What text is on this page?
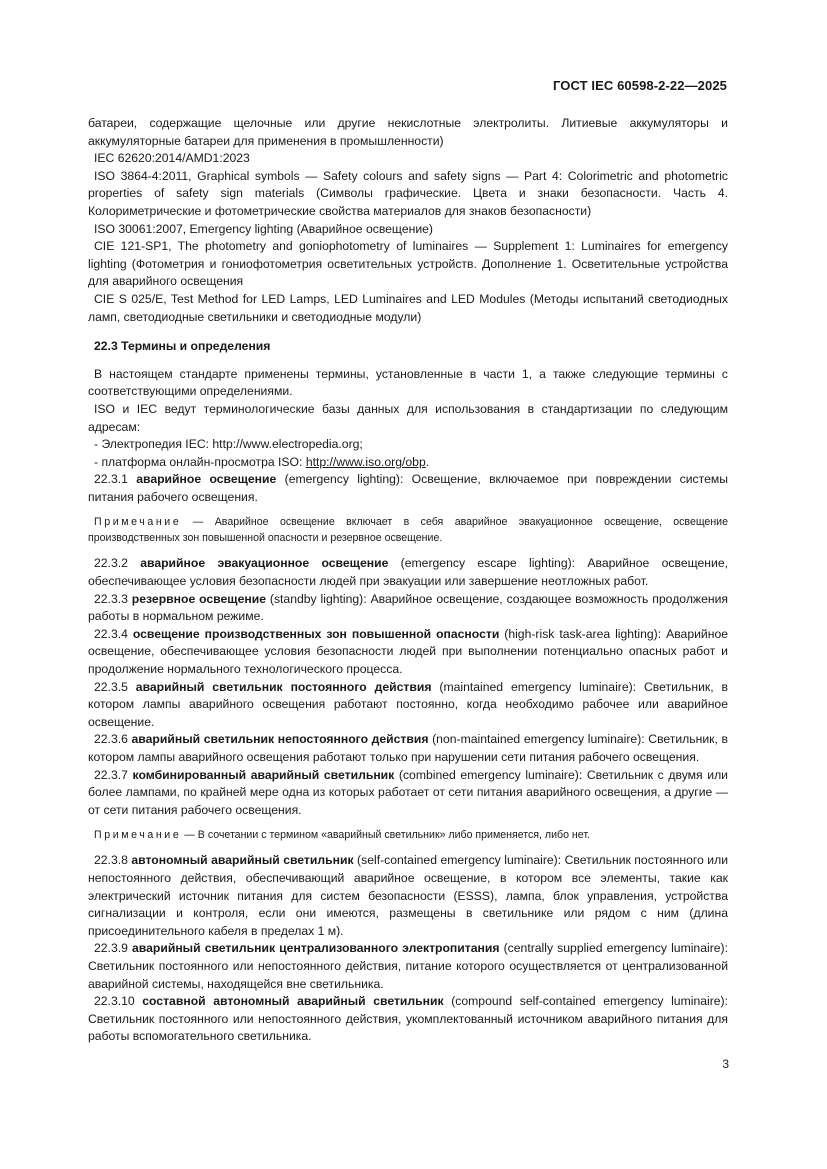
ГОСТ IEC 60598-2-22—2025

батареи, содержащие щелочные или другие некислотные электролиты. Литиевые аккумуляторы и аккумуляторные батареи для применения в промышленности)

IEC 62620:2014/AMD1:2023

ISO 3864-4:2011, Graphical symbols — Safety colours and safety signs — Part 4: Colorimetric and photometric properties of safety sign materials (Символы графические. Цвета и знаки безопасности. Часть 4. Колориметрические и фотометрические свойства материалов для знаков безопасности)

ISO 30061:2007, Emergency lighting (Аварийное освещение)

CIE 121-SP1, The photometry and goniophotometry of luminaires — Supplement 1: Luminaires for emergency lighting (Фотометрия и гониофотометрия осветительных устройств. Дополнение 1. Осветительные устройства для аварийного освещения

CIE S 025/E, Test Method for LED Lamps, LED Luminaires and LED Modules (Методы испытаний светодиодных ламп, светодиодные светильники и светодиодные модули)

22.3 Термины и определения

В настоящем стандарте применены термины, установленные в части 1, а также следующие термины с соответствующими определениями.

ISO и IEC ведут терминологические базы данных для использования в стандартизации по следующим адресам:

- Электропедия IEC: http://www.electropedia.org;

- платформа онлайн-просмотра ISO: http://www.iso.org/obp.

22.3.1 аварийное освещение (emergency lighting): Освещение, включаемое при повреждении системы питания рабочего освещения.

Примечание — Аварийное освещение включает в себя аварийное эвакуационное освещение, освещение производственных зон повышенной опасности и резервное освещение.

22.3.2 аварийное эвакуационное освещение (emergency escape lighting): Аварийное освещение, обеспечивающее условия безопасности людей при эвакуации или завершение неотложных работ.

22.3.3 резервное освещение (standby lighting): Аварийное освещение, создающее возможность продолжения работы в нормальном режиме.

22.3.4 освещение производственных зон повышенной опасности (high-risk task-area lighting): Аварийное освещение, обеспечивающее условия безопасности людей при выполнении потенциально опасных работ и продолжение нормального технологического процесса.

22.3.5 аварийный светильник постоянного действия (maintained emergency luminaire): Светильник, в котором лампы аварийного освещения работают постоянно, когда необходимо рабочее или аварийное освещение.

22.3.6 аварийный светильник непостоянного действия (non-maintained emergency luminaire): Светильник, в котором лампы аварийного освещения работают только при нарушении сети питания рабочего освещения.

22.3.7 комбинированный аварийный светильник (combined emergency luminaire): Светильник с двумя или более лампами, по крайней мере одна из которых работает от сети питания аварийного освещения, а другие — от сети питания рабочего освещения.

Примечание — В сочетании с термином «аварийный светильник» либо применяется, либо нет.

22.3.8 автономный аварийный светильник (self-contained emergency luminaire): Светильник постоянного или непостоянного действия, обеспечивающий аварийное освещение, в котором все элементы, такие как электрический источник питания для систем безопасности (ESSS), лампа, блок управления, устройства сигнализации и контроля, если они имеются, размещены в светильнике или рядом с ним (длина присоединительного кабеля в пределах 1 м).

22.3.9 аварийный светильник централизованного электропитания (centrally supplied emergency luminaire): Светильник постоянного или непостоянного действия, питание которого осуществляется от централизованной аварийной системы, находящейся вне светильника.

22.3.10 составной автономный аварийный светильник (compound self-contained emergency luminaire): Светильник постоянного или непостоянного действия, укомплектованный источником аварийного питания для работы вспомогательного светильника.

3
